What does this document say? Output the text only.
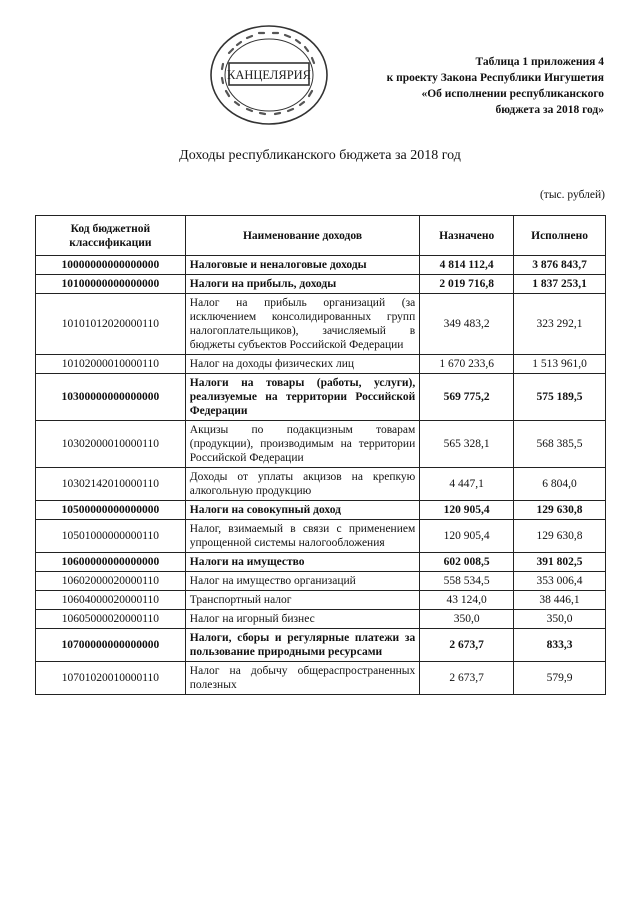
КАНЦЕЛЯРИЯ
Таблица 1 приложения 4
к проекту Закона Республики Ингушетия
«Об исполнении республиканского
бюджета за 2018 год»
Доходы республиканского бюджета за 2018 год
(тыс. рублей)
Код бюджетной классификации	Наименование доходов	Назначено	Исполнено
10000000000000000	Налоговые и неналоговые доходы	4 814 112,4	3 876 843,7
10100000000000000	Налоги на прибыль, доходы	2 019 716,8	1 837 253,1
10101012020000110	Налог на прибыль организаций (за исключением консолидированных групп налогоплательщиков), зачисляемый в бюджеты субъектов Российской Федерации	349 483,2	323 292,1
10102000010000110	Налог на доходы физических лиц	1 670 233,6	1 513 961,0
10300000000000000	Налоги на товары (работы, услуги), реализуемые на территории Российской Федерации	569 775,2	575 189,5
10302000010000110	Акцизы по подакцизным товарам (продукции), производимым на территории Российской Федерации	565 328,1	568 385,5
10302142010000110	Доходы от уплаты акцизов на крепкую алкогольную продукцию	4 447,1	6 804,0
10500000000000000	Налоги на совокупный доход	120 905,4	129 630,8
10501000000000110	Налог, взимаемый в связи с применением упрощенной системы налогообложения	120 905,4	129 630,8
10600000000000000	Налоги на имущество	602 008,5	391 802,5
10602000020000110	Налог на имущество организаций	558 534,5	353 006,4
10604000020000110	Транспортный налог	43 124,0	38 446,1
10605000020000110	Налог на игорный бизнес	350,0	350,0
10700000000000000	Налоги, сборы и регулярные платежи за пользование природными ресурсами	2 673,7	833,3
10701020010000110	Налог на добычу общераспространенных полезных	2 673,7	579,9
